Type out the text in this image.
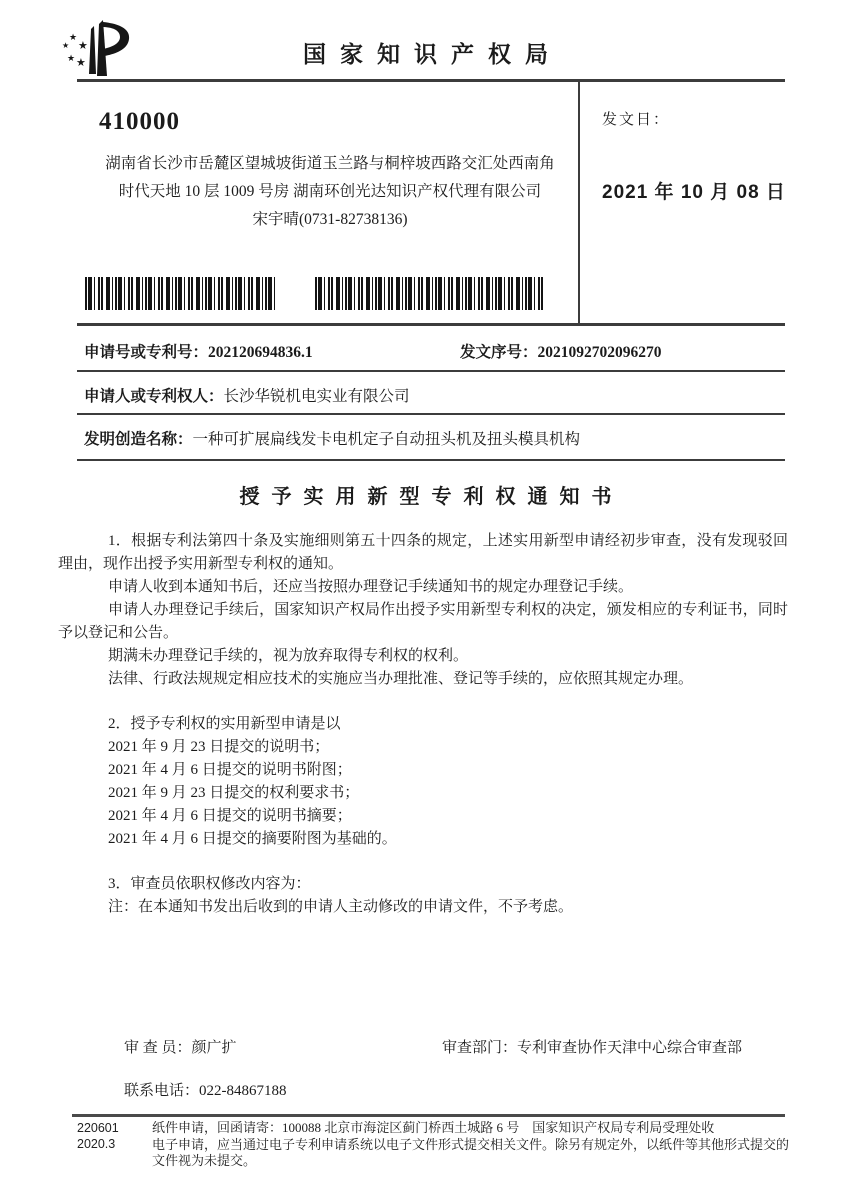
★
★
★
★ ★	国家知识产权局
410000
湖南省长沙市岳麓区望城坡街道玉兰路与桐梓坡西路交汇处西南角
时代天地 10 层 1009 号房 湖南环创光达知识产权代理有限公司
宋宇晴(0731-82738136)
发文日：
2021 年 10 月 08 日
申请号或专利号：202120694836.1	发文序号：2021092702096270
申请人或专利权人：长沙华锐机电实业有限公司
发明创造名称：一种可扩展扁线发卡电机定子自动扭头机及扭头模具机构
授予实用新型专利权通知书

1．根据专利法第四十条及实施细则第五十四条的规定，上述实用新型申请经初步审查，没有发现驳回理由，现作出授予实用新型专利权的通知。

申请人收到本通知书后，还应当按照办理登记手续通知书的规定办理登记手续。

申请人办理登记手续后，国家知识产权局作出授予实用新型专利权的决定，颁发相应的专利证书，同时予以登记和公告。

期满未办理登记手续的，视为放弃取得专利权的权利。

法律、行政法规规定相应技术的实施应当办理批准、登记等手续的，应依照其规定办理。

2．授予专利权的实用新型申请是以

2021 年 9 月 23 日提交的说明书；

2021 年 4 月 6 日提交的说明书附图；

2021 年 9 月 23 日提交的权利要求书；

2021 年 4 月 6 日提交的说明书摘要；

2021 年 4 月 6 日提交的摘要附图为基础的。

3．审查员依职权修改内容为：

注：在本通知书发出后收到的申请人主动修改的申请文件，不予考虑。

审 查 员：颜广扩	审查部门：专利审查协作天津中心综合审查部
联系电话：022-84867188
220601
2020.3
纸件申请，回函请寄：100088 北京市海淀区蓟门桥西土城路 6 号　国家知识产权局专利局受理处收
电子申请，应当通过电子专利申请系统以电子文件形式提交相关文件。除另有规定外，以纸件等其他形式提交的
文件视为未提交。
